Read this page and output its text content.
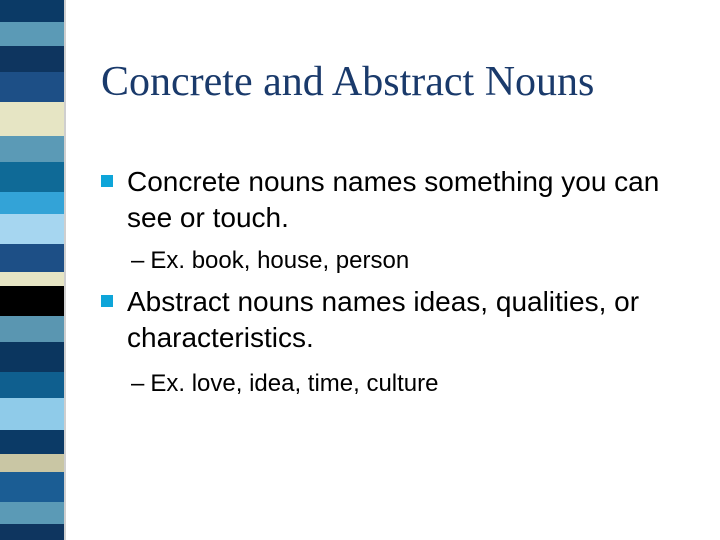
Concrete and Abstract Nouns
Concrete nouns names something you can see or touch.
– Ex. book, house, person
Abstract nouns names ideas, qualities, or characteristics.
– Ex. love, idea, time, culture
